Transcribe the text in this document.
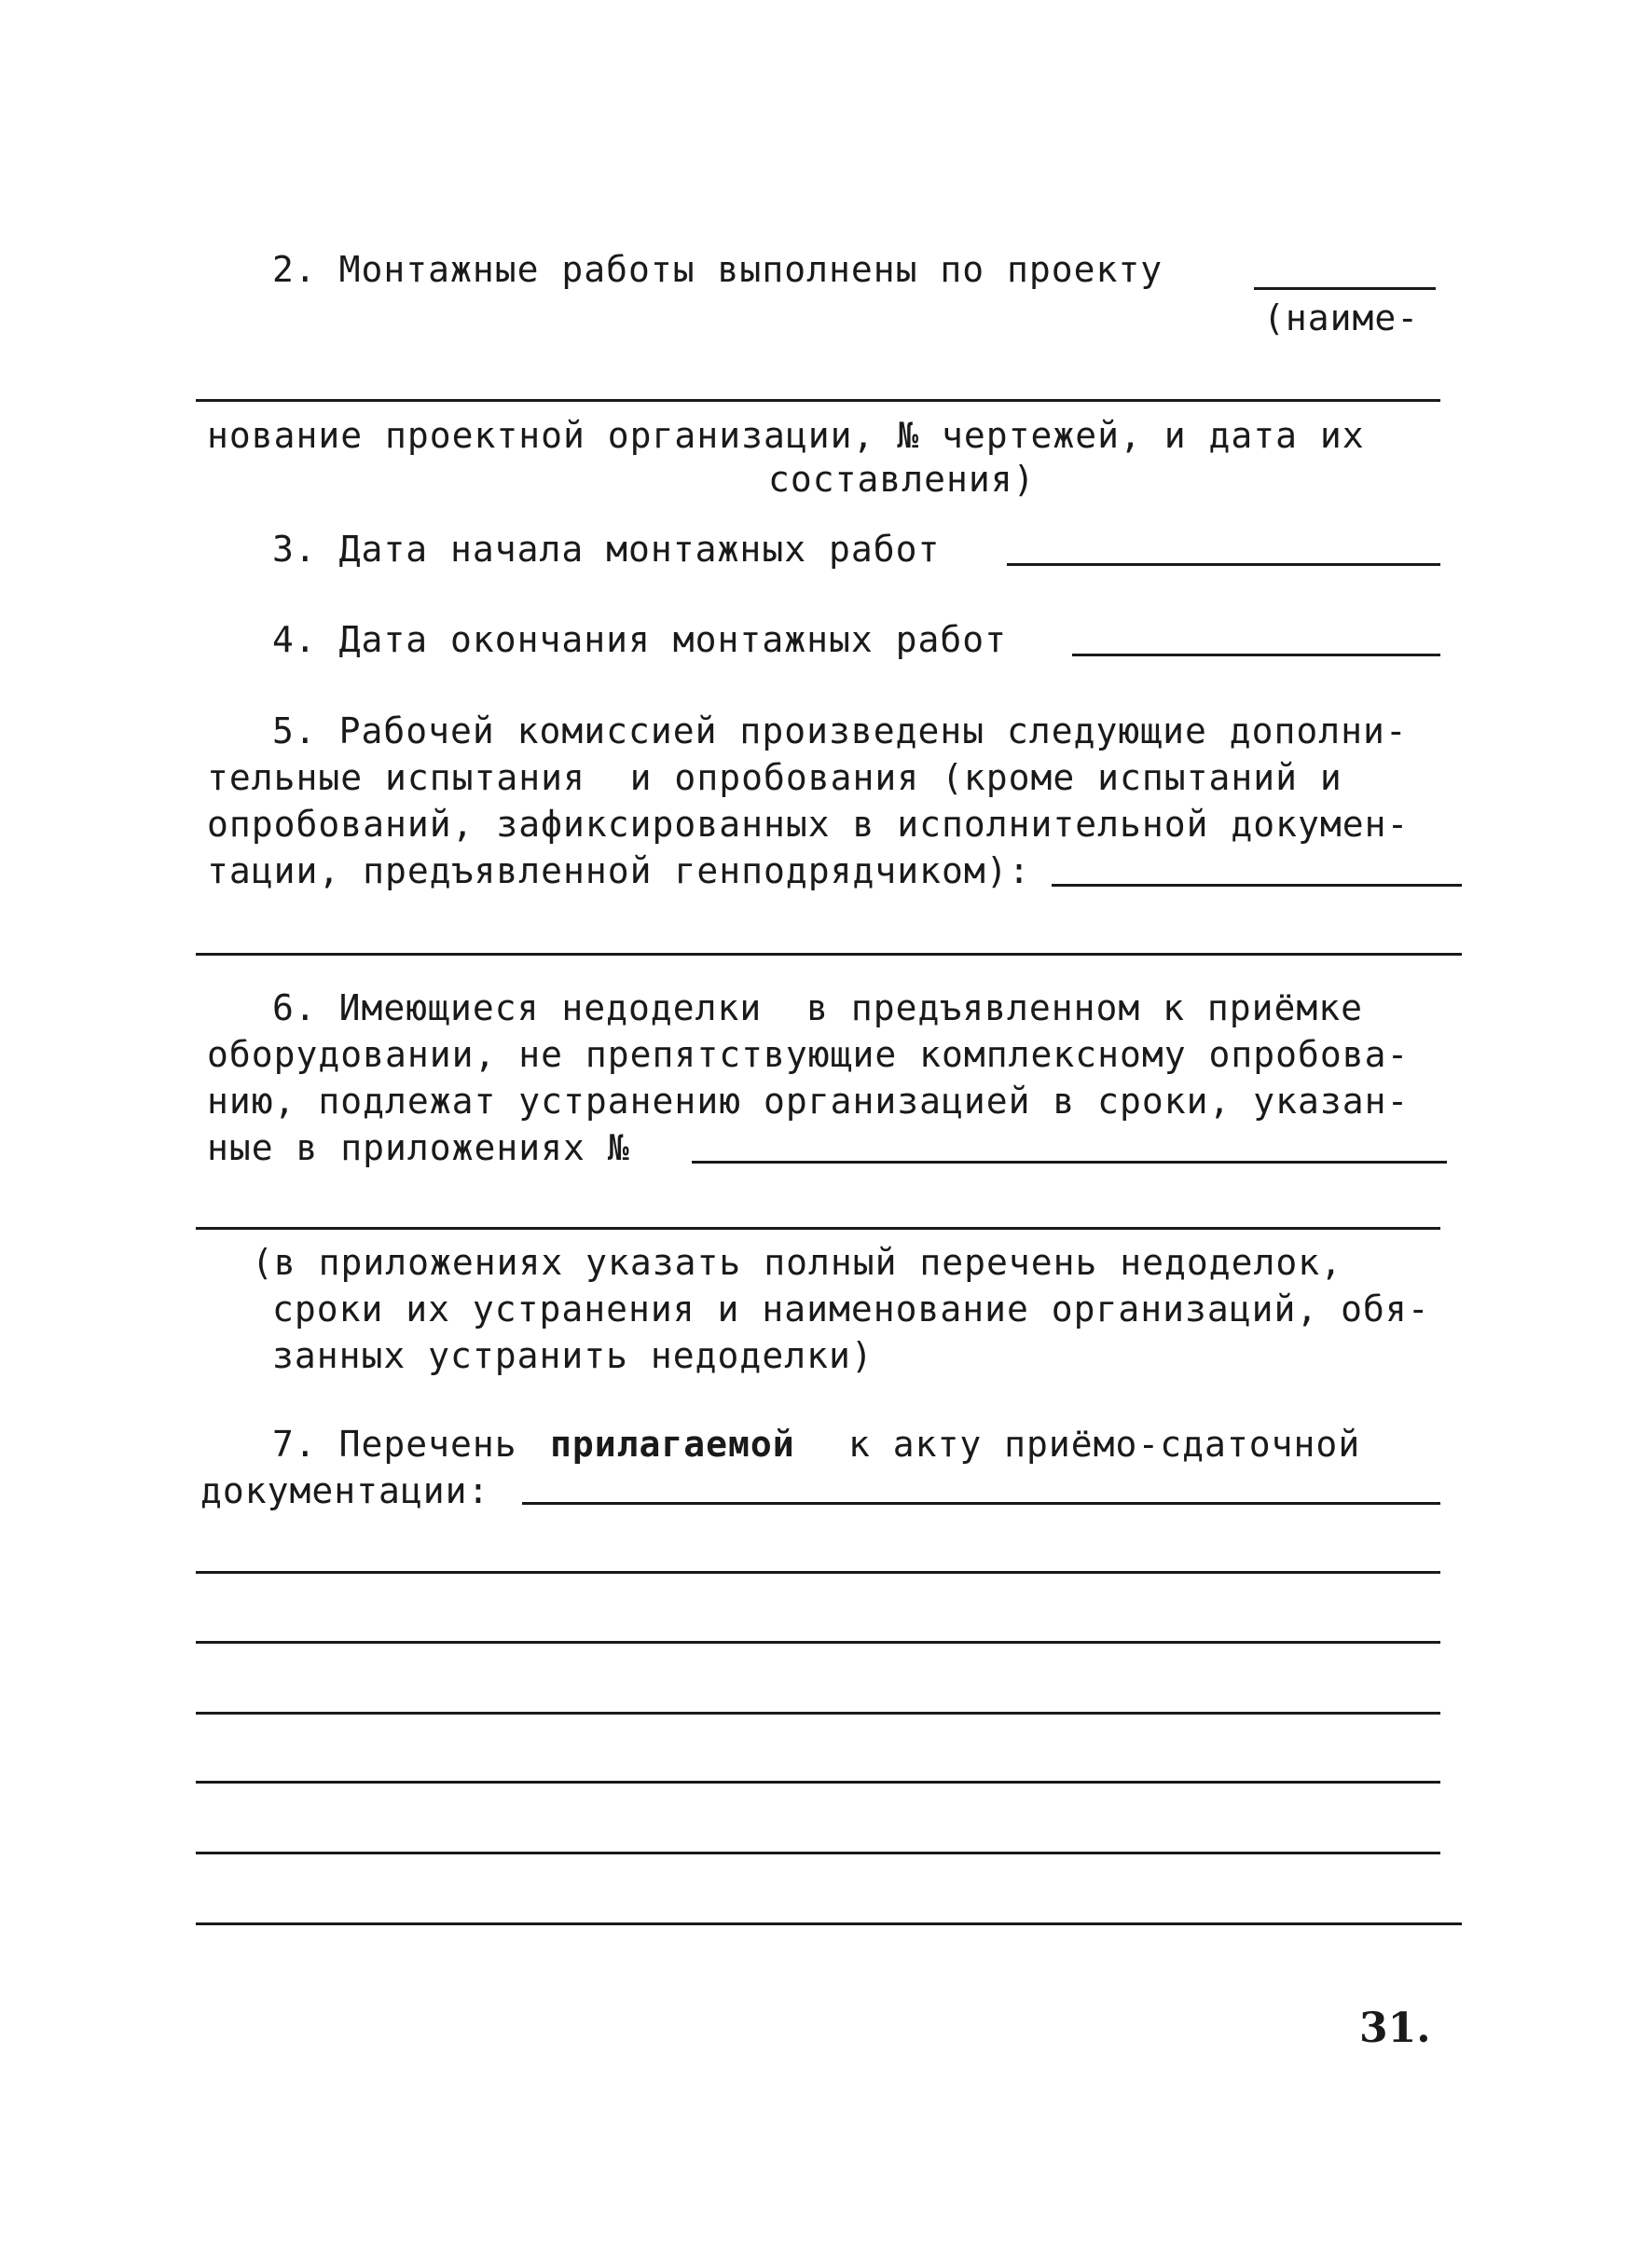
2. Монтажные работы выполнены по проекту
(наиме-
нование проектной организации, № чертежей, и дата их
составления)
3. Дата начала монтажных работ
4. Дата окончания монтажных работ
5. Рабочей комиссией произведены следующие дополни-
тельные испытания  и опробования (кроме испытаний и
опробований, зафиксированных в исполнительной докумен-
тации, предъявленной генподрядчиком):
6. Имеющиеся недоделки  в предъявленном к приёмке
оборудовании, не препятствующие комплексному опробова-
нию, подлежат устранению организацией в сроки, указан-
ные в приложениях №
(в приложениях указать полный перечень недоделок,
сроки их устранения и наименование организаций, обя-
занных устранить недоделки)
7. Перечень прилагаемой к акту приёмо-сдаточной
документации:
31.
